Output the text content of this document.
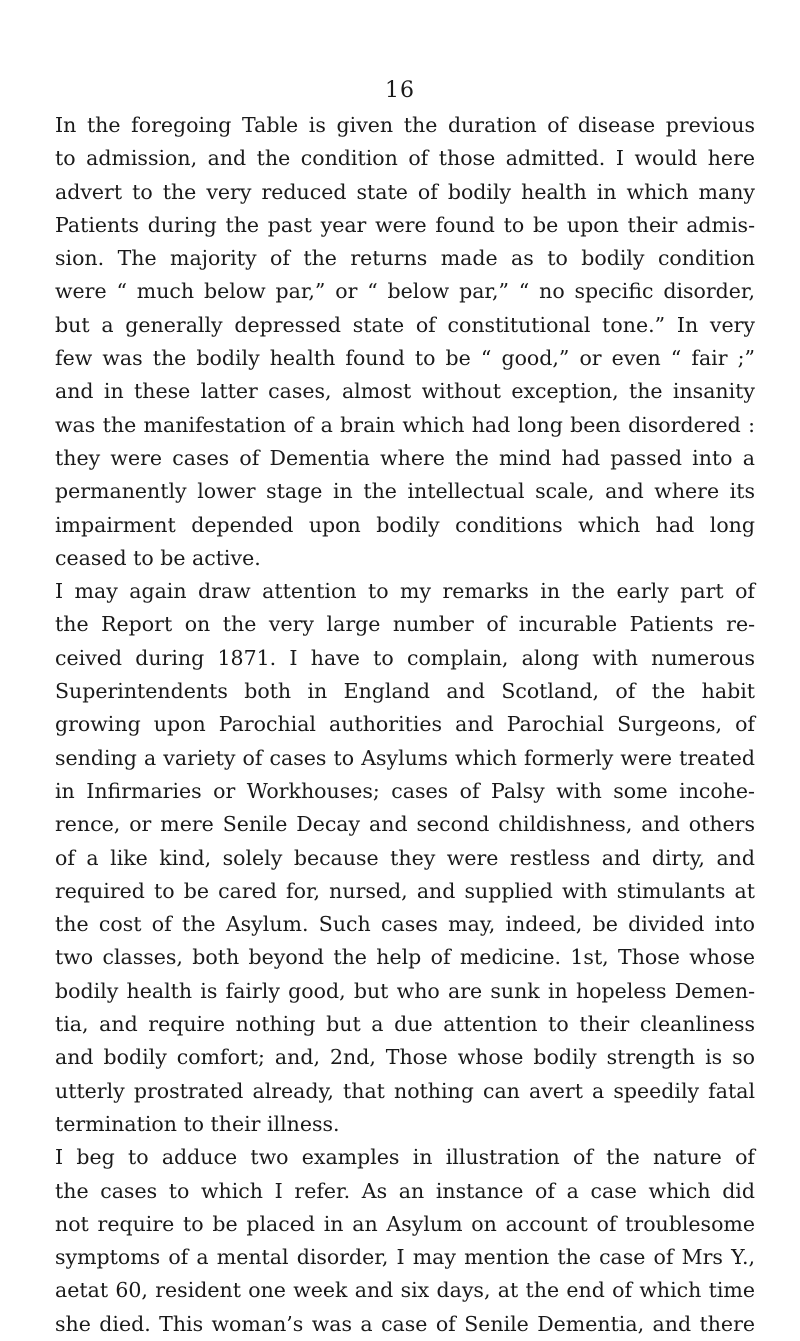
16
In the foregoing Table is given the duration of disease previous
to admission, and the condition of those admitted. I would here
advert to the very reduced state of bodily health in which many
Patients during the past year were found to be upon their admis-
sion. The majority of the returns made as to bodily condition
were “ much below par,” or “ below par,” “ no specific disorder,
but a generally depressed state of constitutional tone.” In very
few was the bodily health found to be “ good,” or even “ fair ;”
and in these latter cases, almost without exception, the insanity
was the manifestation of a brain which had long been disordered :
they were cases of Dementia where the mind had passed into a
permanently lower stage in the intellectual scale, and where its
impairment depended upon bodily conditions which had long
ceased to be active.
I may again draw attention to my remarks in the early part of
the Report on the very large number of incurable Patients re-
ceived during 1871. I have to complain, along with numerous
Superintendents both in England and Scotland, of the habit
growing upon Parochial authorities and Parochial Surgeons, of
sending a variety of cases to Asylums which formerly were treated
in Infirmaries or Workhouses; cases of Palsy with some incohe-
rence, or mere Senile Decay and second childishness, and others
of a like kind, solely because they were restless and dirty, and
required to be cared for, nursed, and supplied with stimulants at
the cost of the Asylum. Such cases may, indeed, be divided into
two classes, both beyond the help of medicine. 1st, Those whose
bodily health is fairly good, but who are sunk in hopeless Demen-
tia, and require nothing but a due attention to their cleanliness
and bodily comfort; and, 2nd, Those whose bodily strength is so
utterly prostrated already, that nothing can avert a speedily fatal
termination to their illness.
I beg to adduce two examples in illustration of the nature of
the cases to which I refer. As an instance of a case which did
not require to be placed in an Asylum on account of troublesome
symptoms of a mental disorder, I may mention the case of Mrs Y.,
aetat 60, resident one week and six days, at the end of which time
she died. This woman’s was a case of Senile Dementia, and there
